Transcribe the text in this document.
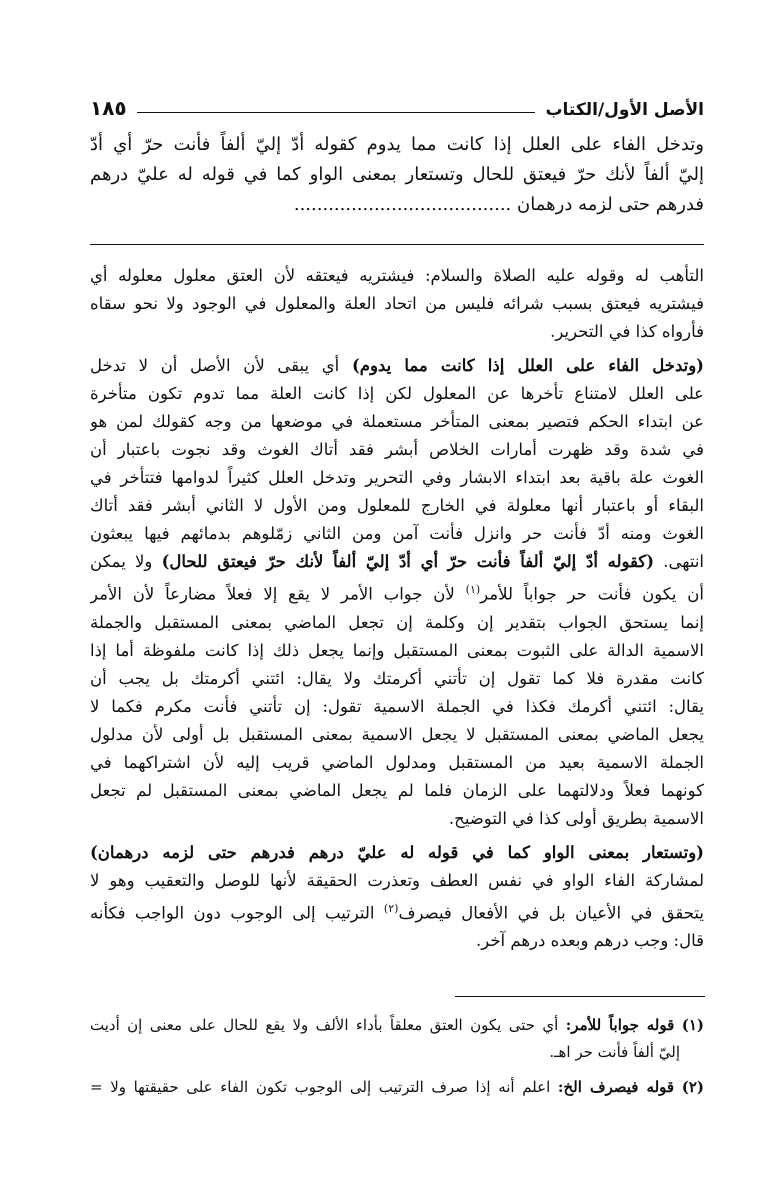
الأصل الأول/الكتاب
١٨٥
وتدخل الفاء على العلل إذا كانت مما يدوم كقوله أدّ إليّ ألفاً فأنت حرّ أي أدّ
إليّ ألفاً لأنك حرّ فيعتق للحال وتستعار بمعنى الواو كما في قوله له عليّ درهم
فدرهم حتى لزمه درهمان ......................................
التأهب له وقوله عليه الصلاة والسلام: فيشتريه فيعتقه لأن العتق معلول معلوله أي
فيشتريه فيعتق بسبب شرائه فليس من اتحاد العلة والمعلول في الوجود ولا نحو سقاه
فأرواه كذا في التحرير.
(وتدخل الفاء على العلل إذا كانت مما يدوم) أي يبقى لأن الأصل أن لا تدخل
على العلل لامتناع تأخرها عن المعلول لكن إذا كانت العلة مما تدوم تكون متأخرة
عن ابتداء الحكم فتصير بمعنى المتأخر مستعملة في موضعها من وجه كقولك لمن هو
في شدة وقد ظهرت أمارات الخلاص أبشر فقد أتاك الغوث وقد نجوت باعتبار أن
الغوث علة باقية بعد ابتداء الابشار وفي التحرير وتدخل العلل كثيراً لدوامها فتتأخر في
البقاء أو باعتبار أنها معلولة في الخارج للمعلول ومن الأول لا الثاني أبشر فقد أتاك
الغوث ومنه أدّ فأنت حر وانزل فأنت آمن ومن الثاني زمّلوهم بدمائهم فيها يبعثون
انتهى. (كقوله أدّ إليّ ألفاً فأنت حرّ أي أدّ إليّ ألفاً لأنك حرّ فيعتق للحال) ولا يمكن
أن يكون فأنت حر جواباً للأمر$^{(١)}$ لأن جواب الأمر لا يقع إلا فعلاً مضارعاً لأن الأمر
إنما يستحق الجواب بتقدير إن وكلمة إن تجعل الماضي بمعنى المستقبل والجملة
الاسمية الدالة على الثبوت بمعنى المستقبل وإنما يجعل ذلك إذا كانت ملفوظة أما إذا
كانت مقدرة فلا كما تقول إن تأتني أكرمتك ولا يقال: ائتني أكرمتك بل يجب أن
يقال: ائتني أكرمك فكذا في الجملة الاسمية تقول: إن تأتني فأنت مكرم فكما لا
يجعل الماضي بمعنى المستقبل لا يجعل الاسمية بمعنى المستقبل بل أولى لأن مدلول
الجملة الاسمية بعيد من المستقبل ومدلول الماضي قريب إليه لأن اشتراكهما في
كونهما فعلاً ودلالتهما على الزمان فلما لم يجعل الماضي بمعنى المستقبل لم تجعل
الاسمية بطريق أولى كذا في التوضيح.
(وتستعار بمعنى الواو كما في قوله له عليّ درهم فدرهم حتى لزمه درهمان)
لمشاركة الفاء الواو في نفس العطف وتعذرت الحقيقة لأنها للوصل والتعقيب وهو لا
يتحقق في الأعيان بل في الأفعال فيصرف$^{(٢)}$ الترتيب إلى الوجوب دون الواجب فكأنه
قال: وجب درهم وبعده درهم آخر.
(١) قوله جواباً للأمر: أي حتى يكون العتق معلقاً بأداء الألف ولا يقع للحال على معنى إن أديت
إليّ ألفاً فأنت حر اهـ.
(٢) قوله فيصرف الخ: اعلم أنه إذا صرف الترتيب إلى الوجوب تكون الفاء على حقيقتها ولا =
